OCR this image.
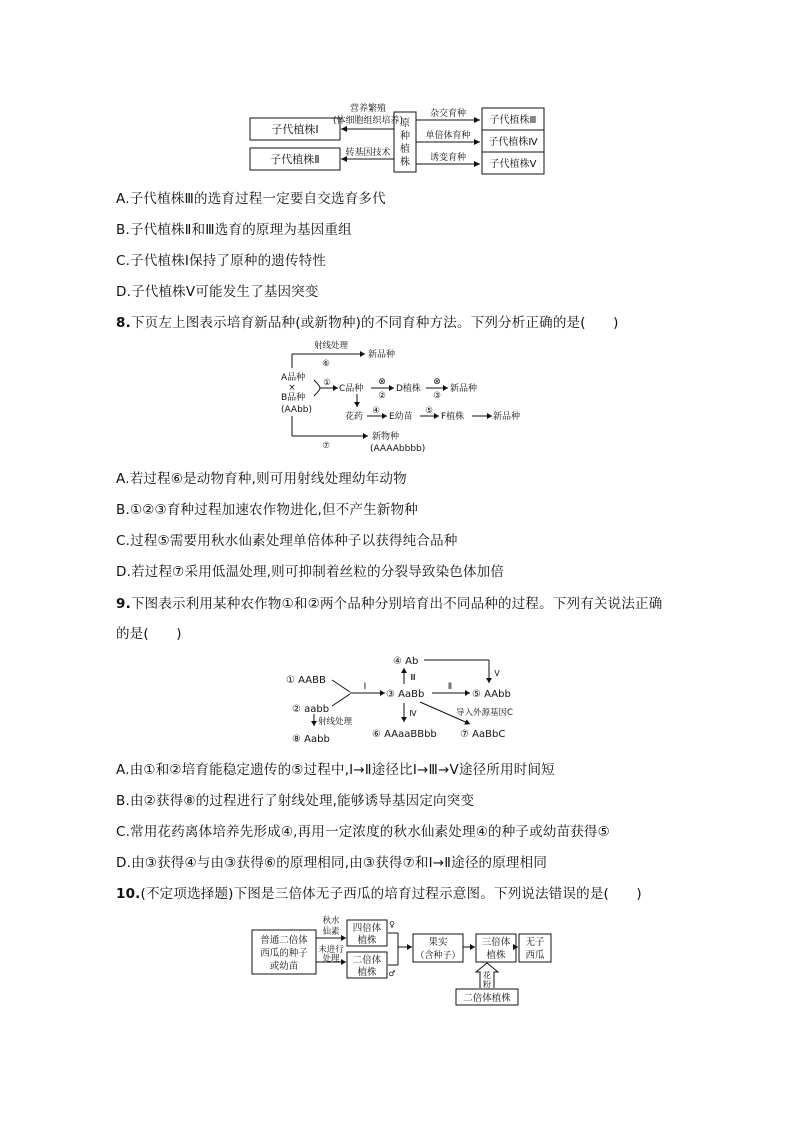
子代植株Ⅰ
子代植株Ⅱ
原
种
植
株
营养繁殖
(体细胞组织培养)
转基因技术
杂交育种
单倍体育种
诱变育种
子代植株Ⅲ
子代植株Ⅳ
子代植株Ⅴ
A.子代植株Ⅲ的选育过程一定要自交选育多代
B.子代植株Ⅱ和Ⅲ选育的原理为基因重组
C.子代植株Ⅰ保持了原种的遗传特性
D.子代植株Ⅴ可能发生了基因突变
8.下页左上图表示培育新品种(或新物种)的不同育种方法。下列分析正确的是(　　)
射线处理
⑥
新品种
A品种
×
B品种
(AAbb)
①
C品种
⊗
②
D植株
⊗
③
新品种
花药
④
E幼苗
⑤
F植株	新品种
⑦
新物种
(AAAAbbbb)
A.若过程⑥是动物育种,则可用射线处理幼年动物
B.①②③育种过程加速农作物进化,但不产生新物种
C.过程⑤需要用秋水仙素处理单倍体种子以获得纯合品种
D.若过程⑦采用低温处理,则可抑制着丝粒的分裂导致染色体加倍
9.下图表示利用某种农作物①和②两个品种分别培育出不同品种的过程。下列有关说法正确
的是(　　)
① AABB
② aabb
Ⅰ
③ AaBb
Ⅱ
⑤ AAbb
Ⅲ
④ Ab
Ⅴ
Ⅳ
⑥ AAaaBBbb
导入外源基因C
⑦ AaBbC
射线处理
⑧ Aabb
A.由①和②培育能稳定遗传的⑤过程中,Ⅰ→Ⅱ途径比Ⅰ→Ⅲ→Ⅴ途径所用时间短
B.由②获得⑧的过程进行了射线处理,能够诱导基因定向突变
C.常用花药离体培养先形成④,再用一定浓度的秋水仙素处理④的种子或幼苗获得⑤
D.由③获得④与由③获得⑥的原理相同,由③获得⑦和Ⅰ→Ⅱ途径的原理相同
10.(不定项选择题)下图是三倍体无子西瓜的培育过程示意图。下列说法错误的是(　　)
普通二倍体
西瓜的种子
或幼苗
秋水
仙素
未进行
处理
四倍体
植株
♀
二倍体
植株 ♂
果实
（含种子）
三倍体
植株
无子
西瓜
花
粉
二倍体植株
